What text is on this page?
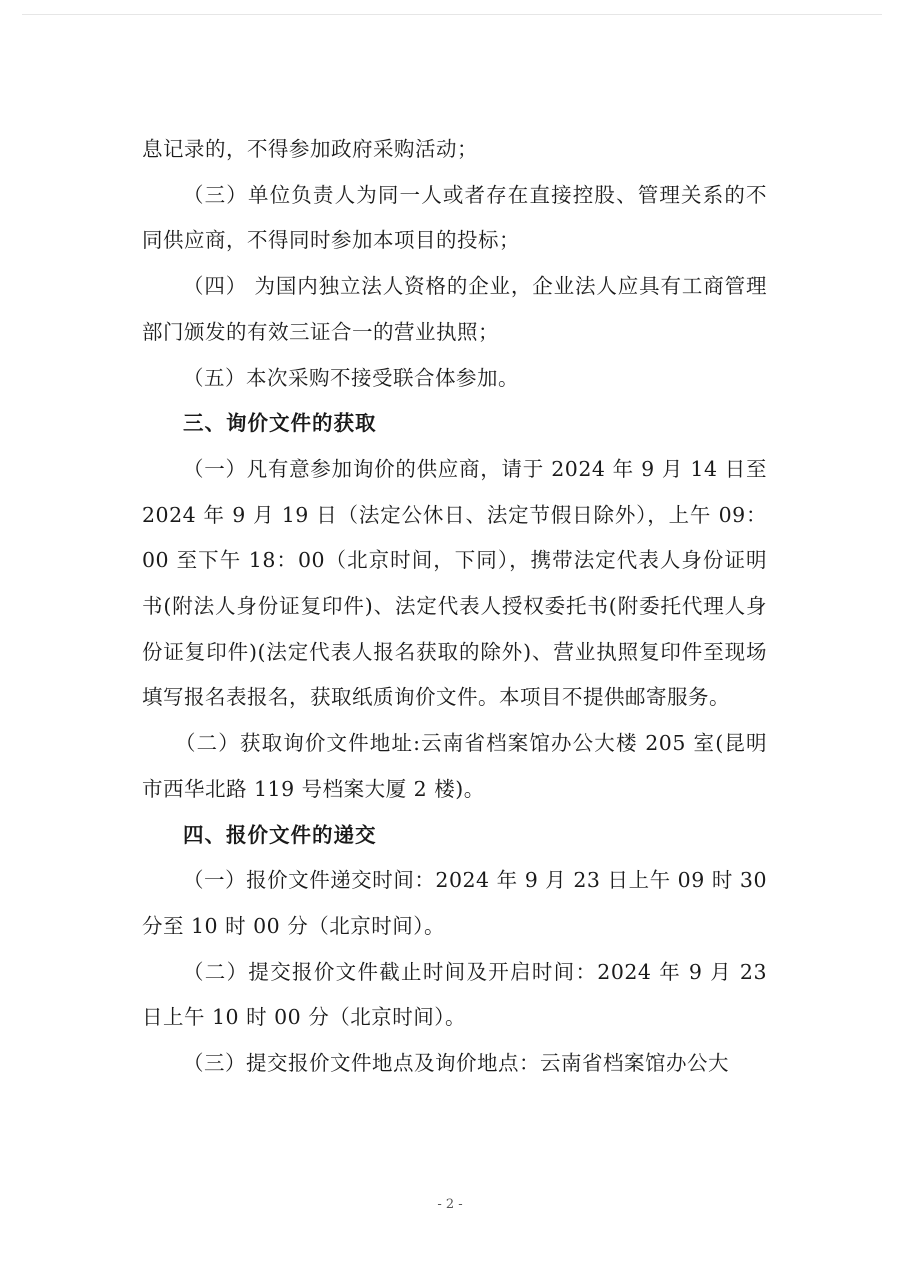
息记录的，不得参加政府采购活动；

（三）单位负责人为同一人或者存在直接控股、管理关系的不同供应商，不得同时参加本项目的投标；

（四） 为国内独立法人资格的企业，企业法人应具有工商管理部门颁发的有效三证合一的营业执照；

（五）本次采购不接受联合体参加。

三、询价文件的获取

（一）凡有意参加询价的供应商，请于 2024 年 9 月 14 日至 2024 年 9 月 19 日（法定公休日、法定节假日除外），上午 09：00 至下午 18：00（北京时间，下同），携带法定代表人身份证明书(附法人身份证复印件)、法定代表人授权委托书(附委托代理人身份证复印件)(法定代表人报名获取的除外)、营业执照复印件至现场填写报名表报名，获取纸质询价文件。本项目不提供邮寄服务。

（二）获取询价文件地址:云南省档案馆办公大楼 205 室(昆明市西华北路 119 号档案大厦 2 楼)。

四、报价文件的递交

（一）报价文件递交时间：2024 年 9 月 23 日上午 09 时 30 分至 10 时 00 分（北京时间）。

（二）提交报价文件截止时间及开启时间：2024 年 9 月 23 日上午 10 时 00 分（北京时间）。

（三）提交报价文件地点及询价地点：云南省档案馆办公大

- 2 -
